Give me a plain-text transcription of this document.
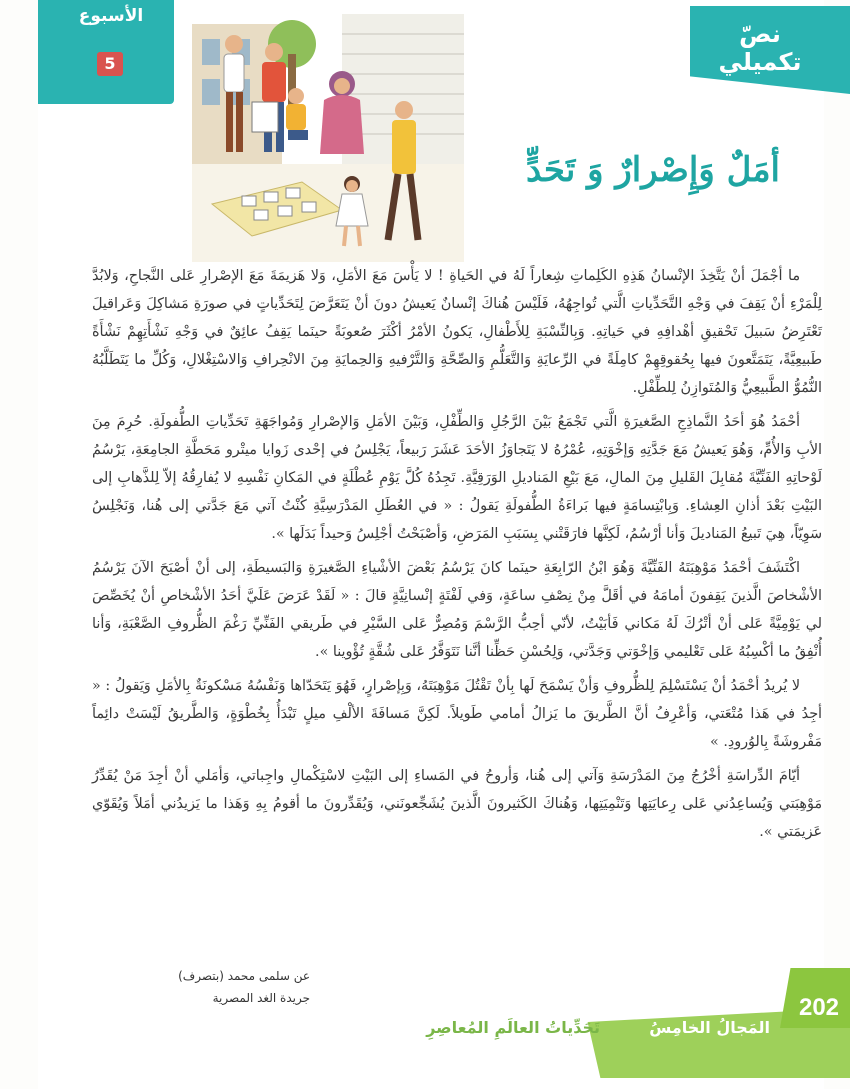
الأسبوع
5
نصّ تكميلي
أمَلٌ وَإِصْرارٌ وَ تَحَدٍّ

ما أجْمَلَ أنْ يَتَّخِذَ الإنْسانُ هَذِهِ الكَلِماتِ شِعاراً لَهُ في الحَياةِ ! لا يَأْسَ مَعَ الأمَلِ، وَلا هَزيمَةَ مَعَ الإصْرارِ عَلى النَّجاحِ، وَلابُدَّ لِلْمَرْءِ أنْ يَقِفَ في وَجْهِ التَّحَدِّياتِ الَّتي تُواجِهُهُ، فَلَيْسَ هُناكَ إنْسانٌ يَعيشُ دونَ أنْ يَتَعَرَّضَ لِتَحَدِّياتٍ في صورَةِ مَشاكِلَ وَعَراقيلَ تَعْتَرِضُ سَبيلَ تَحْقيقِ أهْدافِهِ في حَياتِهِ. وَبِالنِّسْبَةِ لِلأَطْفالِ، يَكونُ الأمْرُ أكْثَرَ صُعوبَةً حينَما يَقِفُ عائِقٌ في وَجْهِ نَشْأَتِهِمْ نَشْأَةً طَبيعِيَّةً، يَتَمَتَّعونَ فيها بِحُقوقِهِمْ كامِلَةً في الرِّعايَةِ وَالتَّعَلُّمِ وَالصِّحَّةِ وَالتَّرْفيهِ وَالحِمايَةِ مِنَ الانْحِرافِ وَالاسْتِغْلالِ، وَكُلِّ ما يَتَطَلَّبُهُ النُّمُوُّ الطَّبيعِيُّ وَالمُتَوازِنُ لِلطِّفْلِ.

أحْمَدُ هُوَ أحَدُ النَّماذِجِ الصَّغيرَةِ الَّتي تَجْمَعُ بَيْنَ الرَّجُلِ وَالطِّفْلِ، وَبَيْنَ الأمَلِ وَالإصْرارِ وَمُواجَهَةِ تَحَدِّياتِ الطُّفولَةِ. حُرِمَ مِنَ الأبِ وَالأُمِّ، وَهُوَ يَعيشُ مَعَ جَدَّتِهِ وَإخْوَتِهِ، عُمْرُهُ لا يَتَجاوَزُ الأحَدَ عَشَرَ رَبيعاً، يَجْلِسُ في إحْدى زَوايا ميتْرو مَحَطَّةِ الجامِعَةِ، يَرْسُمُ لَوْحاتِهِ الفَنِّيَّةَ مُقابِلَ القَليلِ مِنَ المالِ، مَعَ بَيْعِ المَناديلِ الوَرَقِيَّةِ. تَجِدُهُ كُلَّ يَوْمِ عُطْلَةٍ في المَكانِ نَفْسِهِ لا يُفارِقُهُ إلاّ لِلذَّهابِ إلى البَيْتِ بَعْدَ أذانِ العِشاءِ. وَبِابْتِسامَةٍ فيها بَراءَةُ الطُّفولَةِ يَقولُ : « في العُطَلِ المَدْرَسِيَّةِ كُنْتُ آتي مَعَ جَدَّتي إلى هُنا، وَنَجْلِسُ سَوِيّاً، هِيَ تَبيعُ المَناديلَ وَأنا أرْسُمُ، لَكِنَّها فارَقَتْني بِسَبَبِ المَرَضِ، وَأصْبَحْتُ أجْلِسُ وَحيداً بَدَلَها ».

اكْتَشَفَ أحْمَدُ مَوْهِبَتَهُ الفَنِّيَّةَ وَهُوَ ابْنُ الرّابِعَةِ حينَما كانَ يَرْسُمُ بَعْضَ الأشْياءِ الصَّغيرَةِ وَالبَسيطَةِ، إلى أنْ أصْبَحَ الآنَ يَرْسُمُ الأشْخاصَ الَّذينَ يَقِفونَ أمامَهُ في أقَلَّ مِنْ نِصْفِ ساعَةٍ، وَفي لَفْتَةٍ إنْسانِيَّةٍ قالَ : « لَقَدْ عَرَضَ عَلَيَّ أحَدُ الأشْخاصِ أنْ يُخَصِّصَ لي يَوْمِيَّةً عَلى أنْ أتْرُكَ لَهُ مَكاني فَأبَيْتُ، لأنّي أحِبُّ الرَّسْمَ وَمُصِرٌّ عَلى السَّيْرِ في طَريقي الفَنِّيِّ رَغْمَ الظُّروفِ الصَّعْبَةِ، وَأنا أُنْفِقُ ما أكْسِبُهُ عَلى تَعْليمي وَإخْوَتي وَجَدَّتي، وَلِحُسْنِ حَظِّنا أنَّنا نَتَوَفَّرُ عَلى شُقَّةٍ تُؤْوينا ».

لا يُريدُ أحْمَدُ أنْ يَسْتَسْلِمَ لِلظُّروفِ وَأنْ يَسْمَحَ لَها بِأنْ تَقْتُلَ مَوْهِبَتَهُ، وَبِإصْرارٍ، فَهُوَ يَتَحَدّاها وَنَفْسُهُ مَسْكونَةٌ بِالأمَلِ وَيَقولُ : « أجِدُ في هَذا مُتْعَتي، وَأعْرِفُ أنَّ الطَّريقَ ما يَزالُ أمامي طَويلاً. لَكِنَّ مَسافَةَ الألْفِ ميلٍ تَبْدَأُ بِخُطْوَةٍ، وَالطَّريقُ لَيْسَتْ دائِماً مَفْروشَةً بِالوُرودِ. »

أيّامَ الدِّراسَةِ أخْرُجُ مِنَ المَدْرَسَةِ وَآتي إلى هُنا، وَأروحُ في المَساءِ إلى البَيْتِ لاسْتِكْمالِ واجِباتي، وَأمَلي أنْ أجِدَ مَنْ يُقَدِّرُ مَوْهِبَتي وَيُساعِدُني عَلى رِعايَتِها وَتَنْمِيَتِها، وَهُناكَ الكَثيرونَ الَّذينَ يُشَجِّعونَني، وَيُقَدِّرونَ ما أقومُ بِهِ وَهَذا ما يَزيدُني أمَلاً وَيُقَوّي عَزيمَتي ».

عن سلمى محمد (بتصرف)
جريدة الغد المصرية	202
المَجالُ الخامِسُ
تَحَدِّياتُ العالَمِ المُعاصِرِ
